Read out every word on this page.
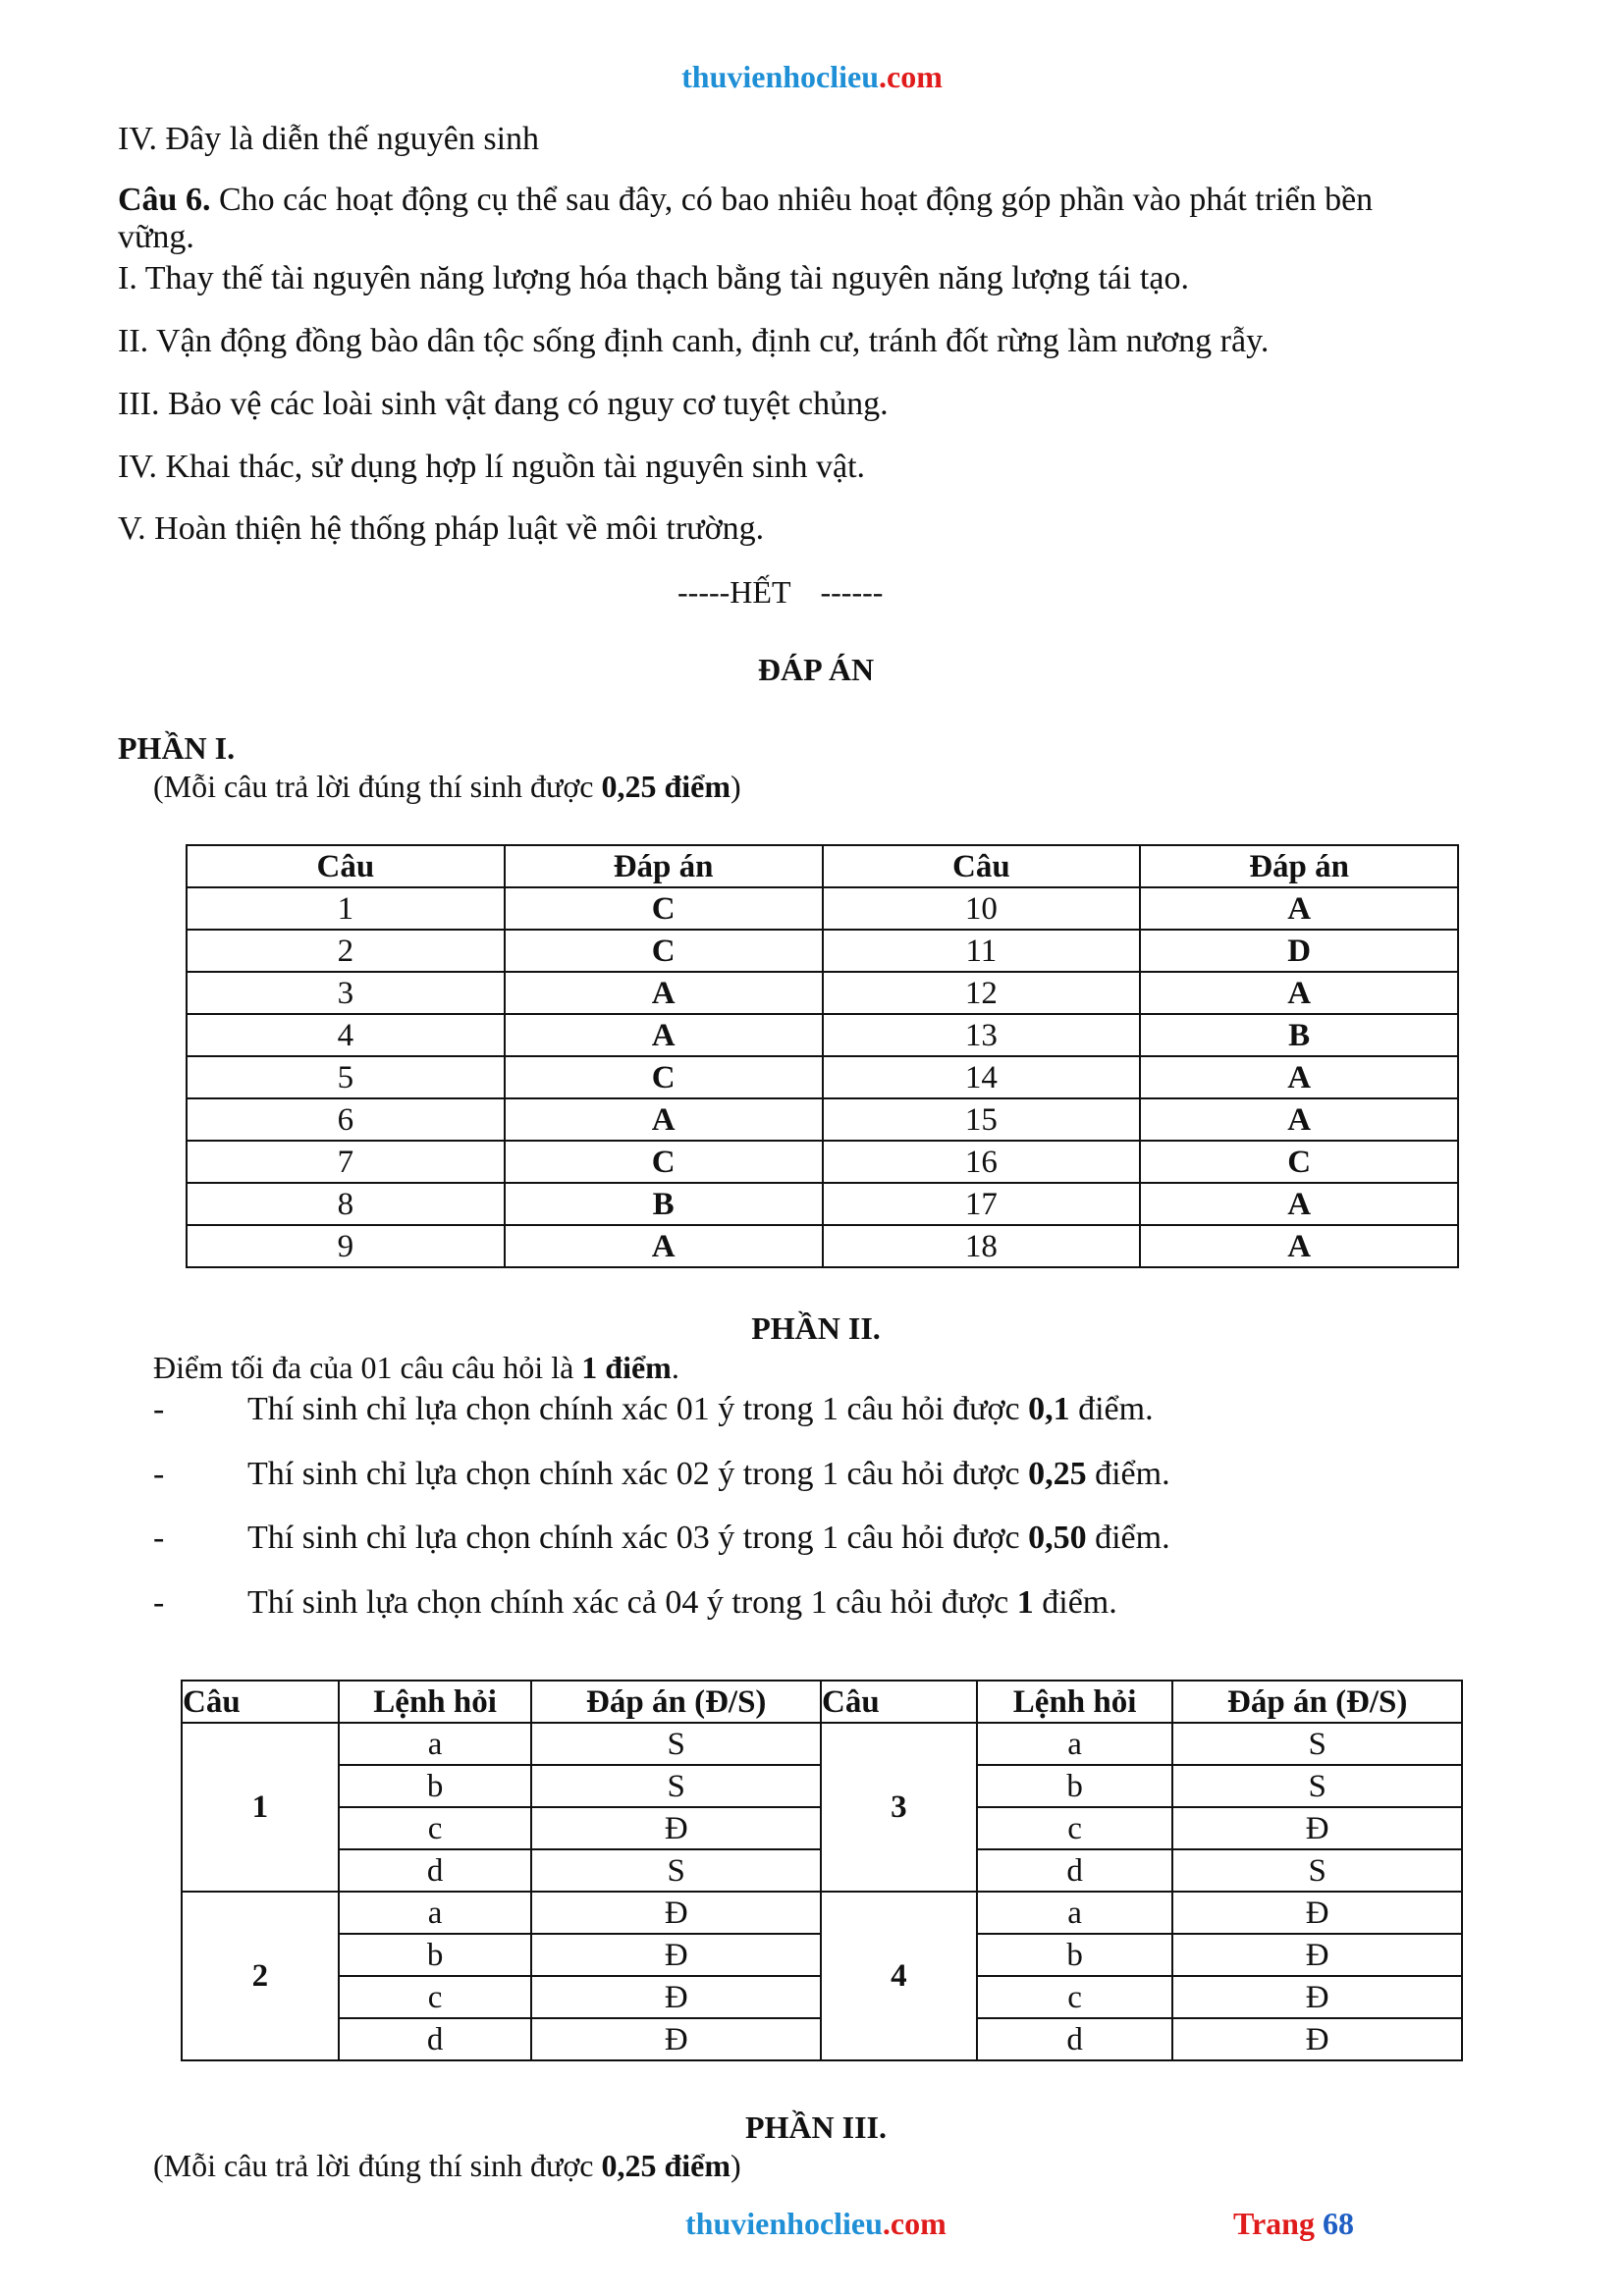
thuvienhoclieu.com
IV. Đây là diễn thế nguyên sinh
Câu 6. Cho các hoạt động cụ thể sau đây, có bao nhiêu hoạt động góp phần vào phát triển bền
vững.
I. Thay thế tài nguyên năng lượng hóa thạch bằng tài nguyên năng lượng tái tạo.
II. Vận động đồng bào dân tộc sống định canh, định cư, tránh đốt rừng làm nương rẫy.
III. Bảo vệ các loài sinh vật đang có nguy cơ tuyệt chủng.
IV. Khai thác, sử dụng hợp lí nguồn tài nguyên sinh vật.
V. Hoàn thiện hệ thống pháp luật về môi trường.
-----HẾT ------
ĐÁP ÁN
PHẦN I.
(Mỗi câu trả lời đúng thí sinh được 0,25 điểm)
Câu	Đáp án	Câu	Đáp án
1	C	10	A
2	C	11	D
3	A	12	A
4	A	13	B
5	C	14	A
6	A	15	A
7	C	16	C
8	B	17	A
9	A	18	A
PHẦN II.
Điểm tối đa của 01 câu câu hỏi là 1 điểm.
- Thí sinh chỉ lựa chọn chính xác 01 ý trong 1 câu hỏi được 0,1 điểm.
- Thí sinh chỉ lựa chọn chính xác 02 ý trong 1 câu hỏi được 0,25 điểm.
- Thí sinh chỉ lựa chọn chính xác 03 ý trong 1 câu hỏi được 0,50 điểm.
- Thí sinh lựa chọn chính xác cả 04 ý trong 1 câu hỏi được 1 điểm.
Câu	Lệnh hỏi	Đáp án (Đ/S)	Câu	Lệnh hỏi	Đáp án (Đ/S)
1	a	S	3	a	S
	b	S		b	S
	c	Đ		c	Đ
	d	S		d	S
2	a	Đ	4	a	Đ
	b	Đ		b	Đ
	c	Đ		c	Đ
	d	Đ		d	Đ
PHẦN III.
(Mỗi câu trả lời đúng thí sinh được 0,25 điểm)
thuvienhoclieu.com	Trang 68
